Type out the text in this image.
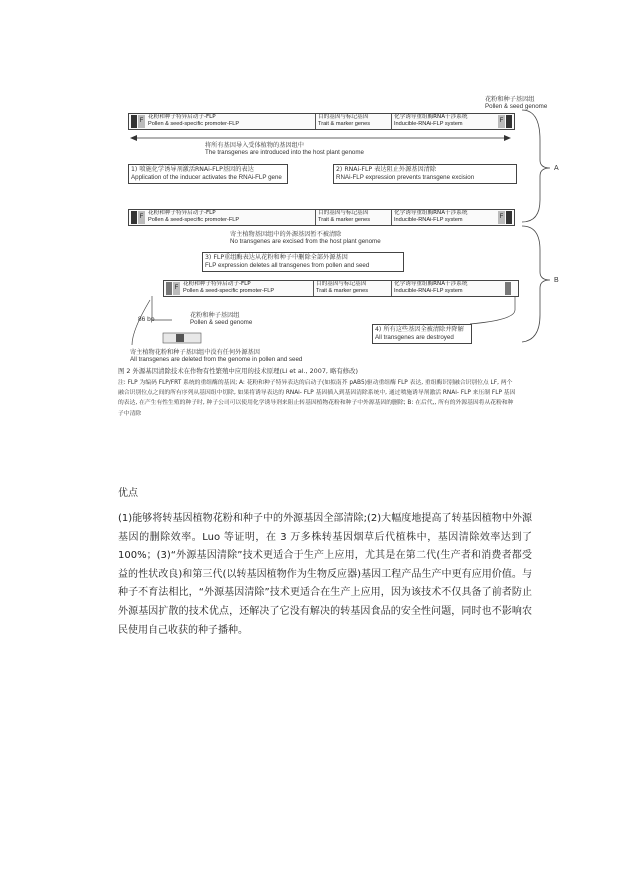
花粉和种子基因组
Pollen & seed genome
F
花粉和种子特异启动子-FLP
Pollen & seed-specific promoter-FLP
目的基因与标记基因
Trait & marker genes
化学诱导重组酶RNA干涉系统
Inducible-RNAi-FLP system	F
将所有基因导入受体植物的基因组中
The transgenes are introduced into the host plant genome
A
B
1) 喷施化学诱导剂激活RNAi-FLP基因的表达
Application of the inducer activates the RNAi-FLP gene
2) RNAi-FLP 表达阻止外源基因清除
RNAi-FLP expression prevents transgene excision
F
花粉和种子特异启动子-FLP
Pollen & seed-specific promoter-FLP
目的基因与标记基因
Trait & marker genes
化学诱导重组酶RNA干涉系统
Inducible-RNAi-FLP system	F
寄主植物基因组中的外源基因暂不被清除
No transgenes are excised from the host plant genome
3) FLP重组酶表达从花粉和种子中删除全部外源基因
FLP expression deletes all transgenes from pollen and seed
F
花粉和种子特异启动子-FLP
Pollen & seed-specific promoter-FLP
目的基因与标记基因
Trait & marker genes
化学诱导重组酶RNA干涉系统
Inducible-RNAi-FLP system
86 bp
花粉和种子基因组
Pollen & seed genome
4) 所有这些基因全被清除并降解
All transgenes are destroyed
寄主植物花粉和种子基因组中没有任何外源基因
All transgenes are deleted from the genome in pollen and seed
图 2 外源基因清除技术在作物有性繁殖中应用的技术原理(Li et al., 2007, 略有修改)
注: FLP 为编码 FLP/FRT 系统的重组酶的基因; A: 花粉和种子特异表达的启动子(如拟南芥 pAB5)驱动重组酶 FLP 表达, 重组酶识别融合识别位点 LF, 两个融合识别位点之间的所有序列从基因组中切除, 如果将诱导表达的 RNAi- FLP 基因插入到基因清除系统中, 通过喷施诱导剂激活 RNAi- FLP 来压制 FLP 基因的表达, 在产生有性生殖的种子时, 种子公司可以使用化学诱导剂来阻止转基因植物花粉和种子中外源基因的删除; B: 在后代,, 所有的外源基因将从花粉和种子中清除
优点
(1)能够将转基因植物花粉和种子中的外源基因全部清除;(2)大幅度地提高了转基因植物中外源基因的删除效率。Luo 等证明，在 3 万多株转基因烟草后代植株中，基因清除效率达到了 100%；(3)“外源基因清除”技术更适合于生产上应用，尤其是在第二代(生产者和消费者都受益的性状改良)和第三代(以转基因植物作为生物反应器)基因工程产品生产中更有应用价值。与种子不育法相比，“外源基因清除”技术更适合在生产上应用，因为该技术不仅具备了前者防止外源基因扩散的技术优点，还解决了它没有解决的转基因食品的安全性问题，同时也不影响农民使用自己收获的种子播种。
